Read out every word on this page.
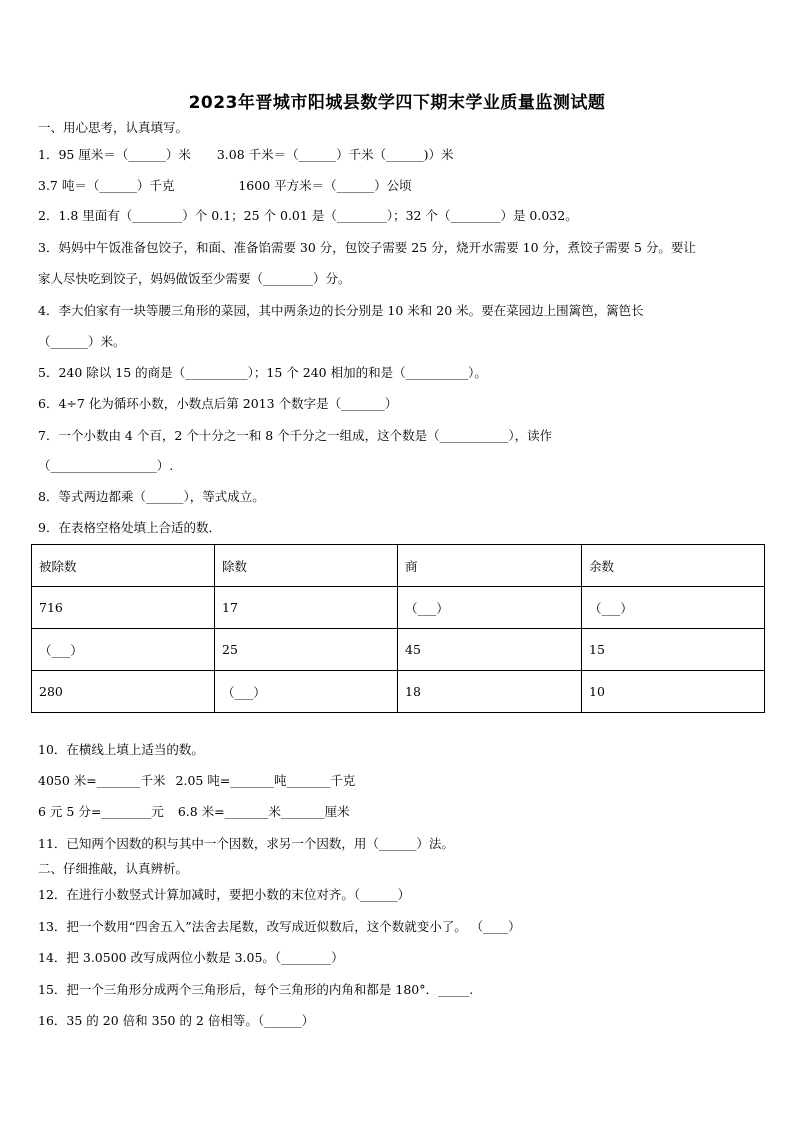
2023年晋城市阳城县数学四下期末学业质量监测试题
一、用心思考，认真填写。
1．95 厘米＝（______）米 3.08 千米＝（______）千米（______)）米
3.7 吨＝（______）千克	1600 平方米＝（______）公顷
2．1.8 里面有（________）个 0.1；25 个 0.01 是（________）；32 个（________）是 0.032。
3．妈妈中午饭准备包饺子，和面、准备馅需要 30 分，包饺子需要 25 分，烧开水需要 10 分，煮饺子需要 5 分。要让
家人尽快吃到饺子，妈妈做饭至少需要（________）分。
4．李大伯家有一块等腰三角形的菜园，其中两条边的长分别是 10 米和 20 米。要在菜园边上围篱笆，篱笆长
（______）米。
5．240 除以 15 的商是（__________）；15 个 240 相加的和是（__________）。
6．4÷7 化为循环小数，小数点后第 2013 个数字是（_______）
7．一个小数由 4 个百，2 个十分之一和 8 个千分之一组成，这个数是（___________），读作
（_________________）.
8．等式两边都乘（______），等式成立。
9．在表格空格处填上合适的数．
被除数	除数	商	余数
716	17	（___）	（___）
（___）	25	45	15
280	（___）	18	10
10．在横线上填上适当的数。
4050 米=_______千米 2.05 吨=_______吨_______千克
6 元 5 分=________元 6.8 米=_______米_______厘米
11．已知两个因数的积与其中一个因数，求另一个因数，用（______）法。
二、仔细推敲，认真辨析。
12．在进行小数竖式计算加减时，要把小数的末位对齐。（______）
13．把一个数用“四舍五入”法舍去尾数，改写成近似数后，这个数就变小了。 （____）
14．把 3.0500 改写成两位小数是 3.05。（________）
15．把一个三角形分成两个三角形后，每个三角形的内角和都是 180°．_____.
16．35 的 20 倍和 350 的 2 倍相等。（______）
